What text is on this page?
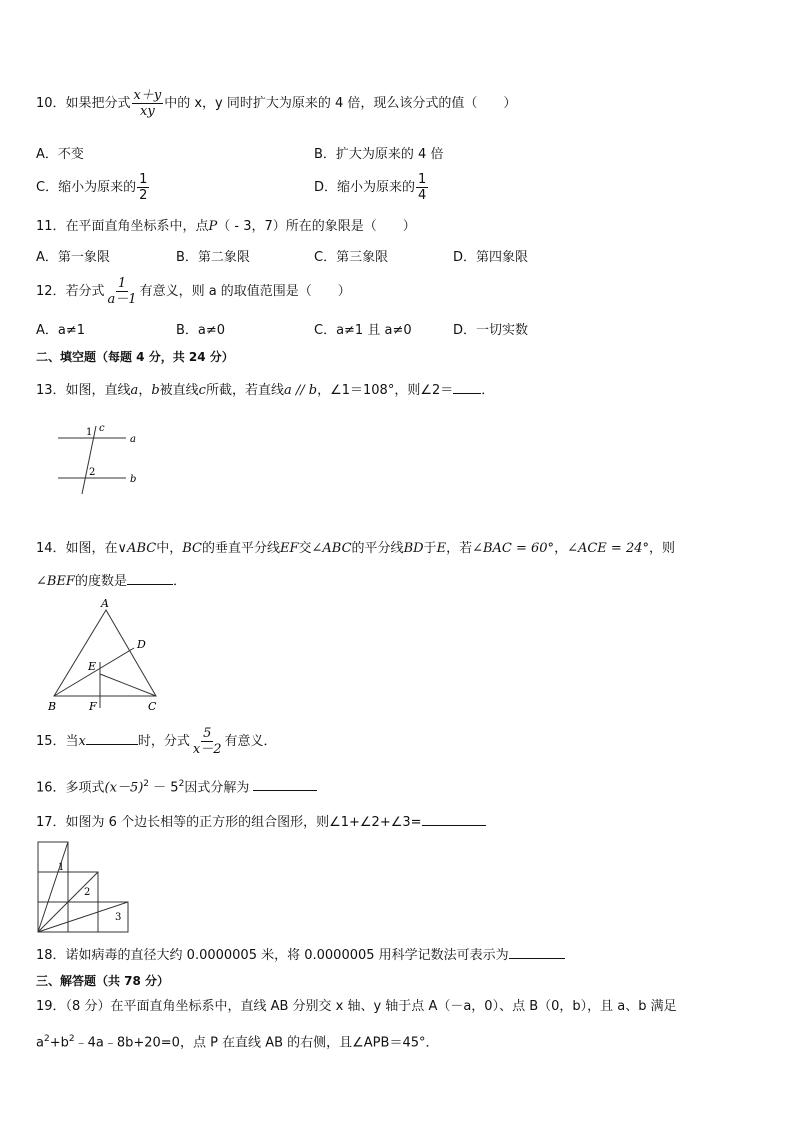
10．如果把分式 $\frac{x+y}{xy}$ 中的 x，y 同时扩大为原来的 4 倍，现么该分式的值（　　）
A．不变	B．扩大为原来的 4 倍
C．缩小为原来的 $\frac{1}{2}$	D．缩小为原来的 $\frac{1}{4}$
11．在平面直角坐标系中，点P（ - 3，7）所在的象限是（　　）
A．第一象限	B．第二象限	C．第三象限	D．第四象限
12．若分式 $\frac{1}{a-1}$ 有意义，则 a 的取值范围是（　　）
A．a≠1	B．a≠0	C．a≠1 且 a≠0	D．一切实数
二、填空题（每题 4 分，共 24 分）
13．如图，直线a，b被直线c所截，若直线a // b，∠1＝108°，则∠2＝ ．
1 c
a
2
b
14．如图，在∨ABC中，BC的垂直平分线EF交∠ABC的平分线BD于E，若∠BAC = 60°，∠ACE = 24°，则
∠BEF的度数是	．
A
D
E
B	F	C
15．当x	时，分式 $\frac{5}{x-2}$ 有意义．
16．多项式$(x-5)^2 - 5^2$因式分解为
17．如图为 6 个边长相等的正方形的组合图形，则∠1+∠2+∠3=
1
2
3
18．诺如病毒的直径大约 0.0000005 米，将 0.0000005 用科学记数法可表示为
三、解答题（共 78 分）
19．（8 分）在平面直角坐标系中，直线 AB 分别交 x 轴、y 轴于点 A（－a，0）、点 B（0，b），且 a、b 满足
$a^2+b^2﹣4a﹣8b+20=0$，点 P 在直线 AB 的右侧，且∠APB＝45°．
